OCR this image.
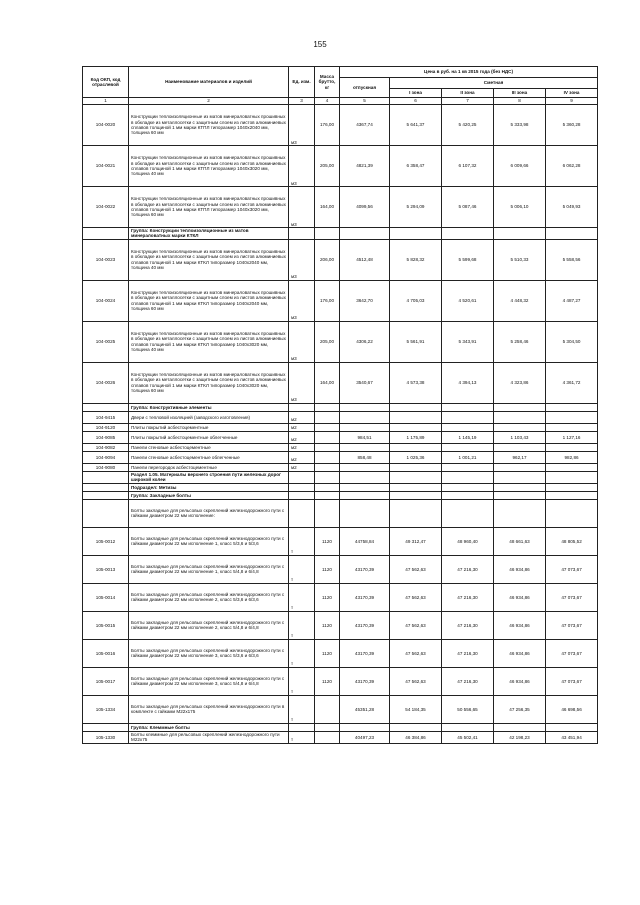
155
Код ОКП, код отраслевой	Наименование материалов и изделий	Ед. изм.	Масса брутто, кг	Цена в руб. на 1 кв 2015 года (без НДС)				
				отпускная	Сметная			
					I зона	II зона	III зона	IV зона
1	2	3	4	5	6	7	8	9
104-0020	Конструкции теплоизоляционные из матов минераловатных прошивных в обкладке из металлосетки с защитным слоем из листов алюминиевых сплавов толщиной 1 мм марки КТПЛ типоразмер 1040х2040 мм, толщина 60 мм	м3	176,00	4367,74	5 641,37	5 420,25	5 333,98	5 360,28
104-0021	Конструкции теплоизоляционные из матов минераловатных прошивных в обкладке из металлосетки с защитным слоем из листов алюминиевых сплавов толщиной 1 мм марки КТПЛ типоразмер 1040х3020 мм, толщина 40 мм	м3	205,00	4821,39	6 358,47	6 107,32	6 009,66	6 062,28
104-0022	Конструкции теплоизоляционные из матов минераловатных прошивных в обкладке из металлосетки с защитным слоем из листов алюминиевых сплавов толщиной 1 мм марки КТПЛ типоразмер 1040х3020 мм, толщина 60 мм	м3	164,00	4099,56	5 294,09	5 087,46	5 006,10	5 049,93
	Группа: Конструкции теплоизоляционные из матов минераловатных марки КТКЛ							
104-0023	Конструкции теплоизоляционные из матов минераловатных прошивных в обкладке из металлосетки с защитным слоем из листов алюминиевых сплавов толщиной 1 мм марки КТКЛ типоразмер 1040х2040 мм, толщина 40 мм	м3	206,00	4512,48	5 828,32	5 599,68	5 510,33	5 558,56
104-0024	Конструкции теплоизоляционные из матов минераловатных прошивных в обкладке из металлосетки с защитным слоем из листов алюминиевых сплавов толщиной 1 мм марки КТКЛ типоразмер 1040х2040 мм, толщина 60 мм	м3	176,00	3642,70	4 705,03	4 520,61	4 448,32	4 487,27
104-0025	Конструкции теплоизоляционные из матов минераловатных прошивных в обкладке из металлосетки с защитным слоем из листов алюминиевых сплавов толщиной 1 мм марки КТКЛ типоразмер 1040х3020 мм, толщина 40 мм	м3	205,00	4306,22	5 561,91	5 343,91	5 258,46	5 304,50
104-0026	Конструкции теплоизоляционные из матов минераловатных прошивных в обкладке из металлосетки с защитным слоем из листов алюминиевых сплавов толщиной 1 мм марки КТКЛ типоразмер 1040х3020 мм, толщина 60 мм	м3	164,00	3540,67	4 573,38	4 394,13	4 323,86	4 361,72
	Группа: Конструктивные элементы							
104-9415	Двери с тепловой изоляцией (заводского изготовления)	м2						
104-9120	Плиты покрытий асбестоцементные	м2						
104-9085	Плиты покрытий асбестоцементные облегченные	м2		984,51	1 175,89	1 145,19	1 103,43	1 127,16
104-9082	Панели стеновые асбестоцементные	м2						
104-9094	Панели стеновые асбестоцементные облегченные	м2		858,48	1 025,36	1 001,21	962,17	982,86
104-9080	Панели перегородок асбестоцементные	м2						
	Раздел 1.05. Материалы верхнего строения пути железных дорог широкой колеи							
	Подраздел: Метизы							
	Группа: Закладные болты							
	Болты закладные для рельсовых скреплений железнодорожного пути с гайками диаметром 22 мм исполнение:							
105-0012	Болты закладные для рельсовых скреплений железнодорожного пути с гайками диаметром 22 мм исполнение 1, класс 5/3,6 и 5/3,6	т	1120	44758,84	49 312,47	48 960,40	48 661,63	48 805,52
105-0013	Болты закладные для рельсовых скреплений железнодорожного пути с гайками диаметром 22 мм исполнение 1, класс 5/4,8 и 6/4,8	т	1120	43170,39	47 562,63	47 216,30	46 934,86	47 073,67
105-0014	Болты закладные для рельсовых скреплений железнодорожного пути с гайками диаметром 22 мм исполнение 2, класс 5/3,6 и 6/3,6	т	1120	43170,39	47 562,63	47 216,30	46 934,86	47 073,67
105-0015	Болты закладные для рельсовых скреплений железнодорожного пути с гайками диаметром 22 мм исполнение 2, класс 5/4,8 и 6/4,8	т	1120	43170,39	47 562,63	47 216,30	46 934,86	47 073,67
105-0016	Болты закладные для рельсовых скреплений железнодорожного пути с гайками диаметром 22 мм исполнение 3, класс 5/3,6 и 6/3,6	т	1120	43170,39	47 562,63	47 216,30	46 934,86	47 073,67
105-0017	Болты закладные для рельсовых скреплений железнодорожного пути с гайками диаметром 22 мм исполнение 3, класс 5/4,8 и 6/4,8	т	1120	43170,39	47 562,63	47 216,30	46 934,86	47 073,67
105-1334	Болты закладные для рельсовых скреплений железнодорожного пути в комплекте с гайками М22х175	т		45351,28	54 184,35	50 556,65	47 256,35	46 698,56
	Группа: Клеммные болты							
105-1330	Болты клеммные для рельсовых скреплений железнодорожного пути М22х75	т		40497,23	46 384,86	45 502,41	42 198,23	43 451,94
